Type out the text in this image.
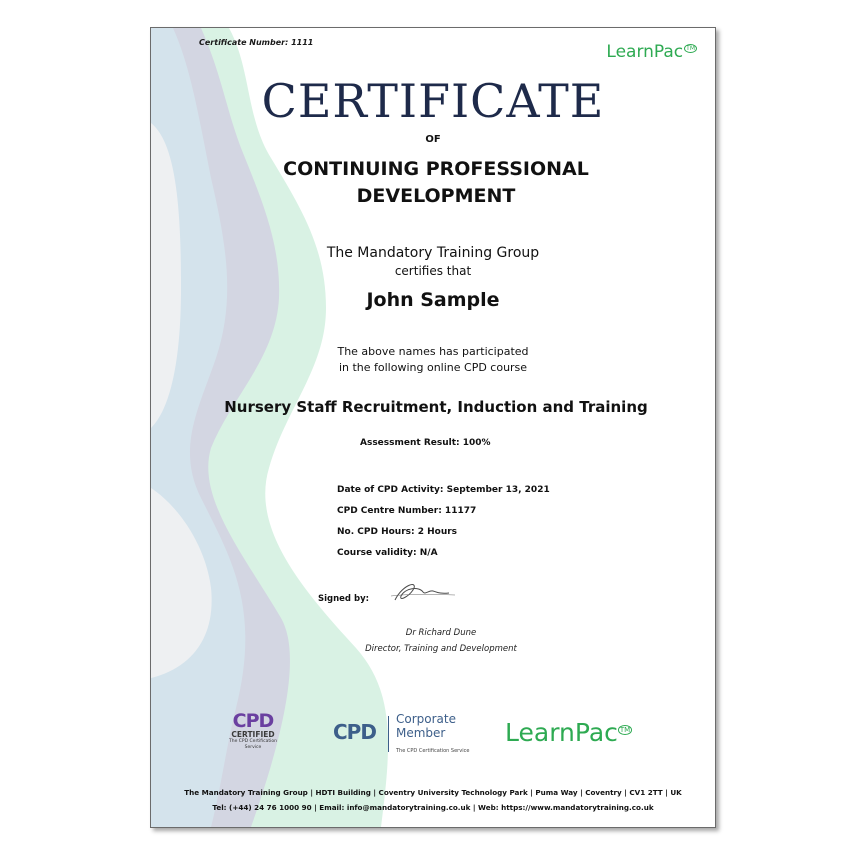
Certificate Number: 1111	LearnPac ™
CERTIFICATE
OF
CONTINUING PROFESSIONAL
DEVELOPMENT
The Mandatory Training Group
certifies that
John Sample
The above names has participated
in the following online CPD course
Nursery Staff Recruitment, Induction and Training
Assessment Result: 100%
Date of CPD Activity: September 13, 2021
CPD Centre Number: 11177
No. CPD Hours: 2 Hours
Course validity: N/A
Signed by:
Dr Richard Dune
Director, Training and Development
CPD
CERTIFIED
The CPD Certification Service
CPD
Corporate
Member
The CPD Certification Service
LearnPac ™
The Mandatory Training Group | HDTI Building | Coventry University Technology Park | Puma Way | Coventry | CV1 2TT | UK
Tel: (+44) 24 76 1000 90 | Email: info@mandatorytraining.co.uk | Web: https://www.mandatorytraining.co.uk
